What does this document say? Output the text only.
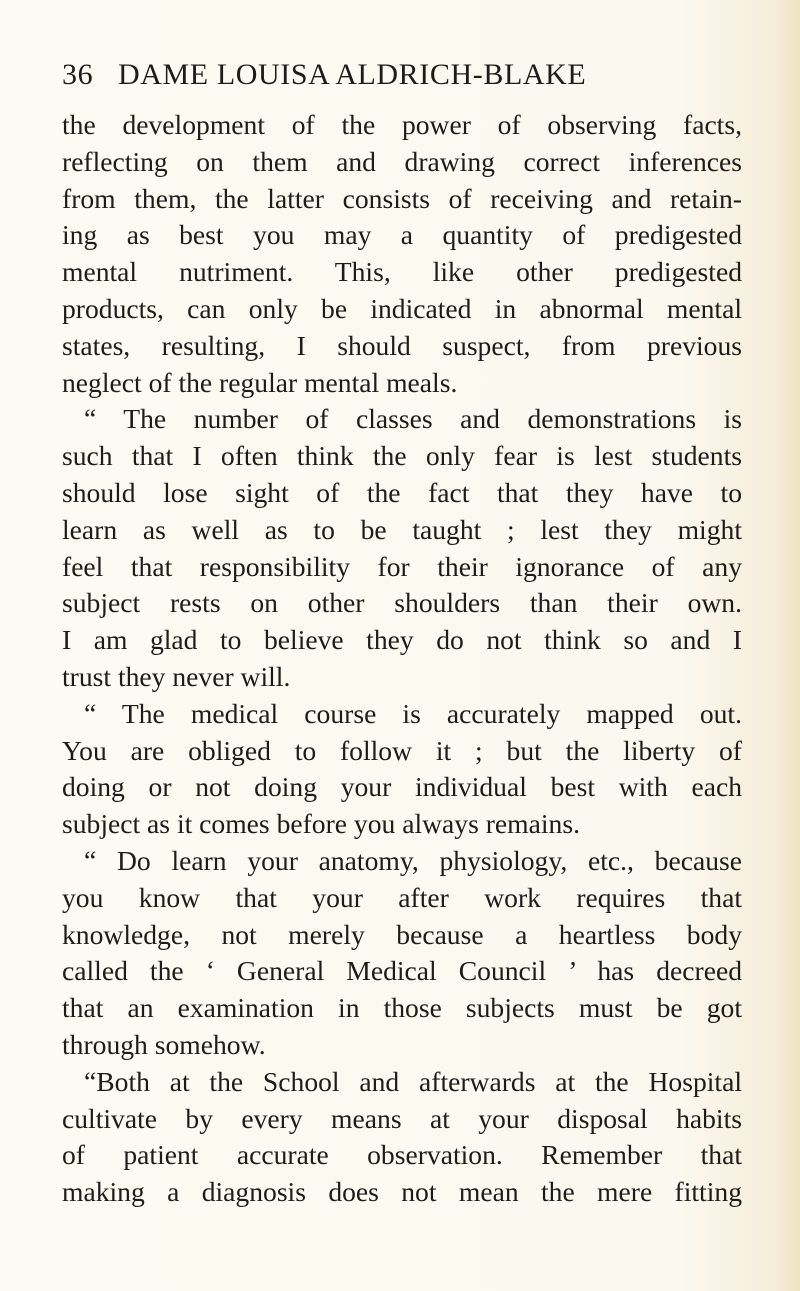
36 DAME LOUISA ALDRICH-BLAKE
the development of the power of observing facts,
reflecting on them and drawing correct inferences
from them, the latter consists of receiving and retain-
ing as best you may a quantity of predigested
mental nutriment. This, like other predigested
products, can only be indicated in abnormal mental
states, resulting, I should suspect, from previous
neglect of the regular mental meals.
“ The number of classes and demonstrations is
such that I often think the only fear is lest students
should lose sight of the fact that they have to
learn as well as to be taught ; lest they might
feel that responsibility for their ignorance of any
subject rests on other shoulders than their own.
I am glad to believe they do not think so and I
trust they never will.
“ The medical course is accurately mapped out.
You are obliged to follow it ; but the liberty of
doing or not doing your individual best with each
subject as it comes before you always remains.
“ Do learn your anatomy, physiology, etc., because
you know that your after work requires that
knowledge, not merely because a heartless body
called the ‘ General Medical Council ’ has decreed
that an examination in those subjects must be got
through somehow.
“Both at the School and afterwards at the Hospital
cultivate by every means at your disposal habits
of patient accurate observation. Remember that
making a diagnosis does not mean the mere fitting
